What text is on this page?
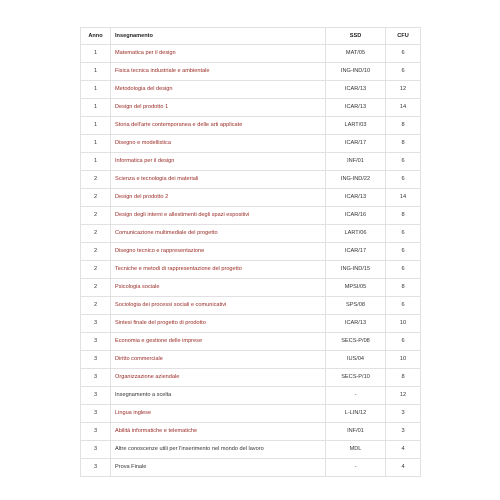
Anno	Insegnamento	SSD	CFU
1	Matematica per il design	MAT/05	6
1	Fisica tecnica industriale e ambientale	ING-IND/10	6
1	Metodologia del design	ICAR/13	12
1	Design del prodotto 1	ICAR/13	14
1	Storia dell'arte contemporanea e delle arti applicate	LART/03	8
1	Disegno e modellistica	ICAR/17	8
1	Informatica per il design	INF/01	6
2	Scienza e tecnologia dei materiali	ING-IND/22	6
2	Design del prodotto 2	ICAR/13	14
2	Design degli interni e allestimenti degli spazi espositivi	ICAR/16	8
2	Comunicazione multimediale del progetto	LART/06	6
2	Disegno tecnico e rappresentazione	ICAR/17	6
2	Tecniche e metodi di rappresentazione del progetto	ING-IND/15	6
2	Psicologia sociale	MPSI/05	8
2	Sociologia dei processi sociali e comunicativi	SPS/08	6
3	Sintesi finale del progetto di prodotto	ICAR/13	10
3	Economia e gestione delle imprese	SECS-P/08	6
3	Diritto commerciale	IUS/04	10
3	Organizzazione aziendale	SECS-P/10	8
3	Insegnamento a scelta	-	12
3	Lingua inglese	L-LIN/12	3
3	Abilità informatiche e telematiche	INF/01	3
3	Altre conoscenze utili per l'inserimento nel mondo del lavoro	MDL	4
3	Prova Finale	-	4
